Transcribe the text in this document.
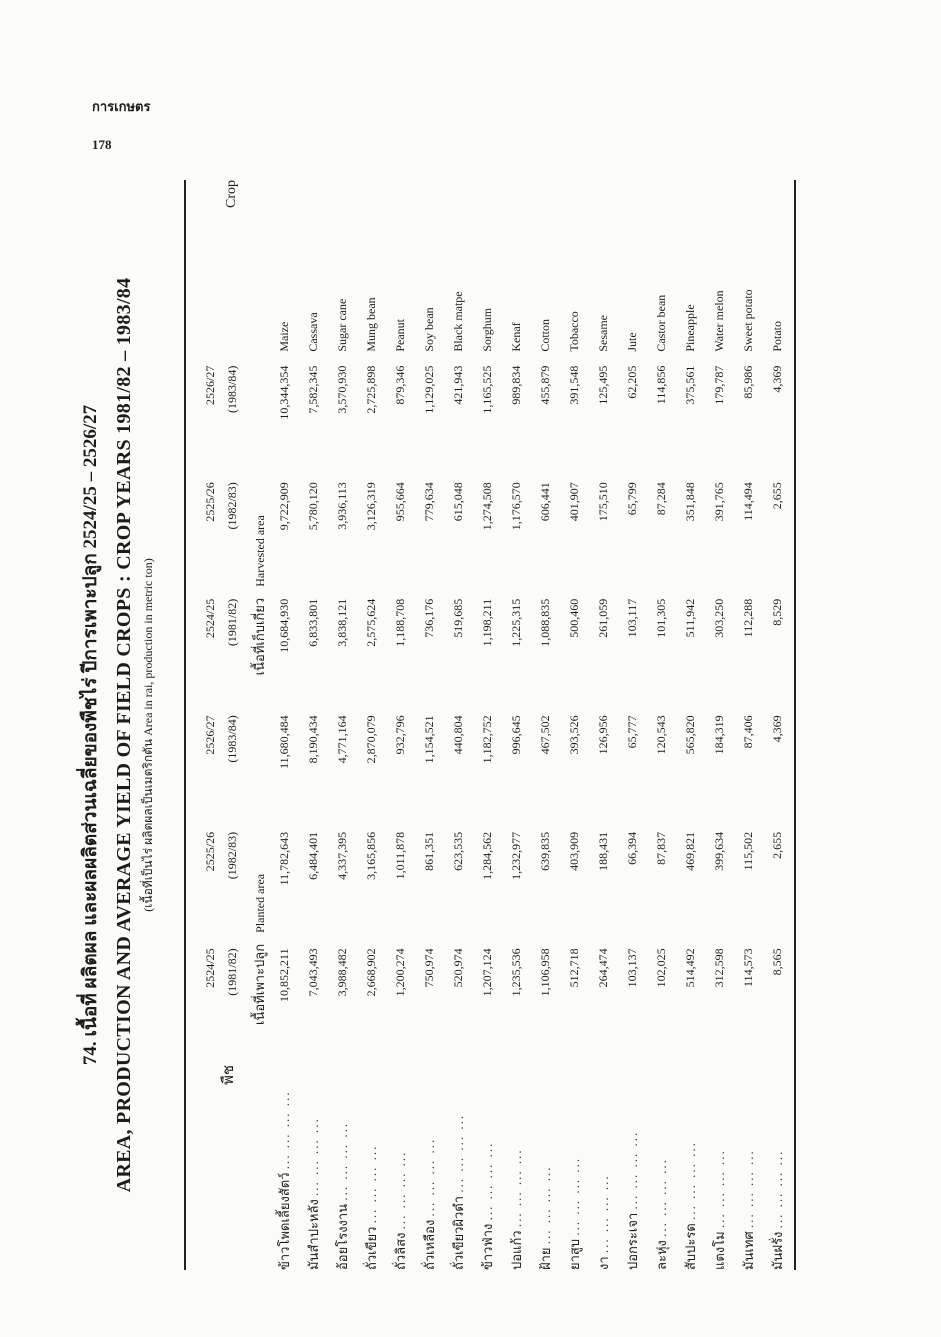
การเกษตร
178
74. เนื้อที่ ผลิตผล และผลผลิตส่วนเฉลี่ยของพืชไร่ ปีการเพาะปลูก 2524/25 – 2526/27 AREA, PRODUCTION AND AVERAGE YIELD OF FIELD CROPS : CROP YEARS 1981/82 – 1983/84 (เนื้อที่เป็นไร่ ผลิตผลเป็นเมตริกตัน Area in rai, production in metric ton)
พืช	2524/25	2525/26	2526/27	2524/25	2525/26	2526/27	Crop
	(1981/82)	(1982/83)	(1983/84)	(1981/82)	(1982/83)	(1983/84)	
	เนื้อที่เพาะปลูก Planted area			เนื้อที่เก็บเกี่ยว Harvested area			
ข้าวโพดเลี้ยงสัตว์ ... ... ... ...	10,852,211	11,782,643	11,680,484	10,684,930	9,722,909	10,344,354	Maize
มันสำปะหลัง ... ... ... ...	7,043,493	6,484,401	8,190,434	6,833,801	5,780,120	7,582,345	Cassava
อ้อยโรงงาน ... ... ... ...	3,988,482	4,337,395	4,771,164	3,838,121	3,936,113	3,570,930	Sugar cane
ถั่วเขียว ... ... ... ...	2,668,902	3,165,856	2,870,079	2,575,624	3,126,319	2,725,898	Mung bean
ถั่วลิสง ... ... ... ...	1,200,274	1,011,878	932,796	1,188,708	955,664	879,346	Peanut
ถั่วเหลือง ... ... ... ...	750,974	861,351	1,154,521	736,176	779,634	1,129,025	Soy bean
ถั่วเขียวผิวดำ ... ... ... ...	520,974	623,535	440,804	519,685	615,048	421,943	Black matpe
ข้าวฟ่าง ... ... ... ...	1,207,124	1,284,562	1,182,752	1,198,211	1,274,508	1,165,525	Sorghum
ปอแก้ว ... ... ... ...	1,235,536	1,232,977	996,645	1,225,315	1,176,570	989,834	Kenaf
ฝ้าย ... ... ... ...	1,106,958	639,835	467,502	1,088,835	606,441	455,879	Cotton
ยาสูบ ... ... ... ...	512,718	403,909	393,526	500,460	401,907	391,548	Tobacco
งา ... ... ... ...	264,474	188,431	126,956	261,059	175,510	125,495	Sesame
ปอกระเจา ... ... ... ...	103,137	66,394	65,777	103,117	65,799	62,205	Jute
ละหุ่ง ... ... ... ...	102,025	87,837	120,543	101,305	87,284	114,856	Castor bean
สับปะรด ... ... ... ...	514,492	469,821	565,820	511,942	351,848	375,561	Pineapple
แตงโม ... ... ... ...	312,598	399,634	184,319	303,250	391,765	179,787	Water melon
มันเทศ ... ... ... ...	114,573	115,502	87,406	112,288	114,494	85,986	Sweet potato
มันฝรั่ง ... ... ... ...	8,565	2,655	4,369	8,529	2,655	4,369	Potato
